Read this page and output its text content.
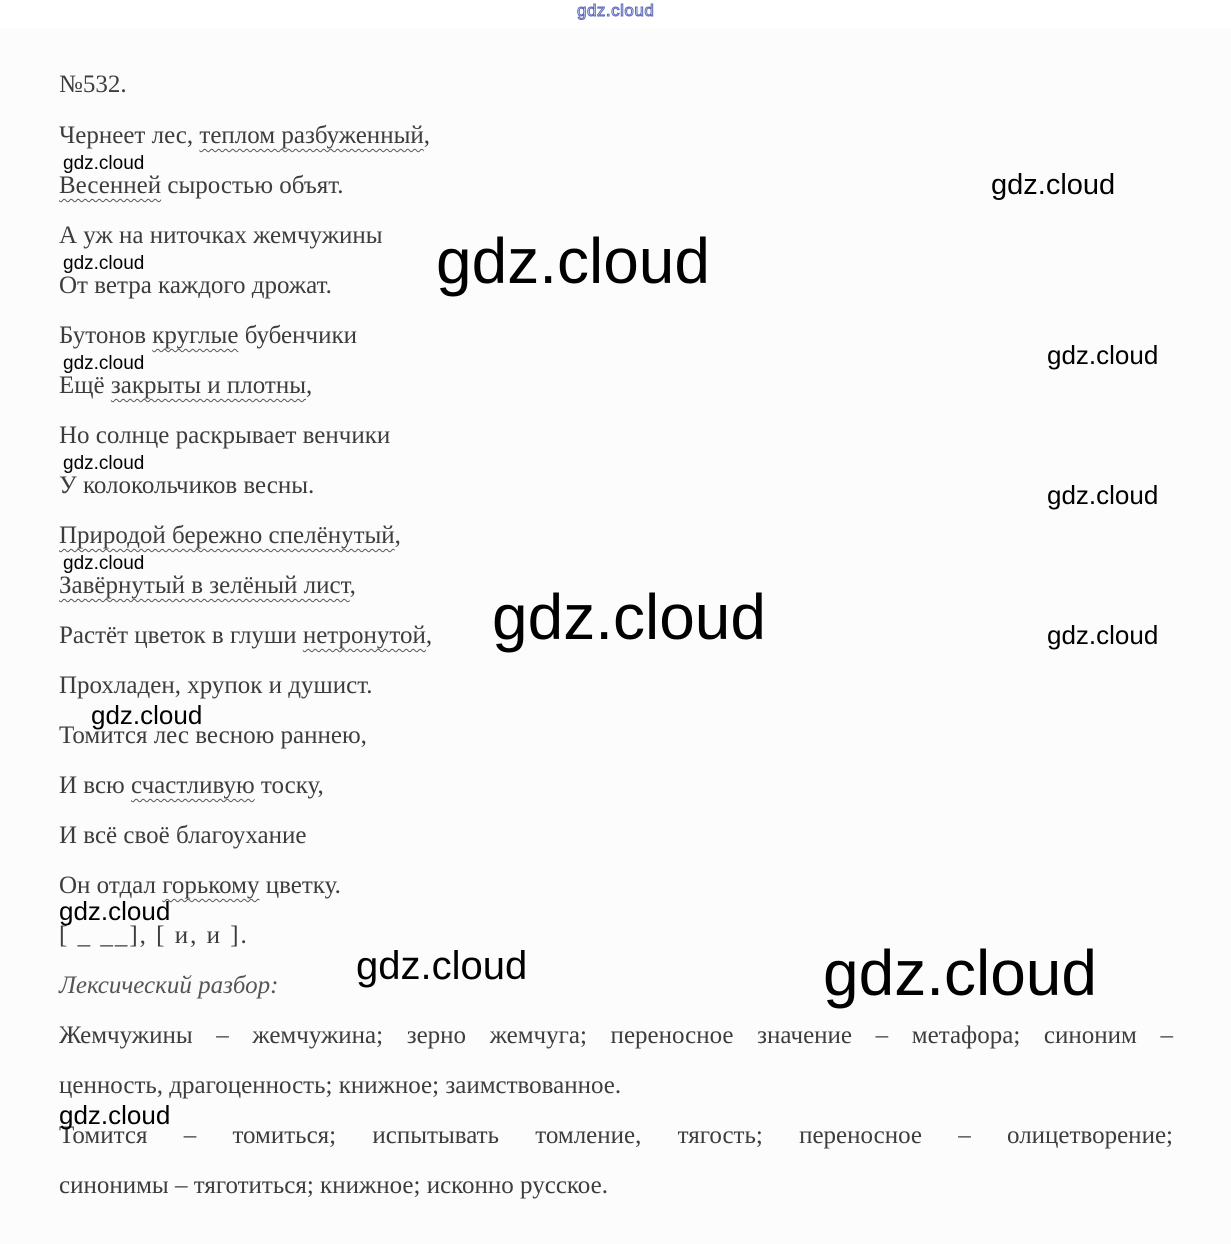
gdz.cloud
№532.
Чернеет лес, теплом разбуженный,
Весенней сыростью объят.
А уж на ниточках жемчужины
От ветра каждого дрожат.
Бутонов круглые бубенчики
Ещё закрыты и плотны,
Но солнце раскрывает венчики
У колокольчиков весны.
Природой бережно спелёнутый,
Завёрнутый в зелёный лист,
Растёт цветок в глуши нетронутой,
Прохладен, хрупок и душист.
Томится лес весною раннею,
И всю счастливую тоску,
И всё своё благоухание
Он отдал горькому цветку.
[ _ __], [ и, и ].
Лексический разбор:
Жемчужины – жемчужина; зерно жемчуга; переносное значение – метафора; синоним –
ценность, драгоценность; книжное; заимствованное.
Томится – томиться; испытывать томление, тягость; переносное – олицетворение;
синонимы – тяготиться; книжное; исконно русское.
gdz.cloud
gdz.cloud
gdz.cloud	gdz.cloud
gdz.cloud	gdz.cloud
gdz.cloud
gdz.cloud
gdz.cloud
gdz.cloud	gdz.cloud
gdz.cloud
gdz.cloud
gdz.cloud	gdz.cloud
gdz.cloud
